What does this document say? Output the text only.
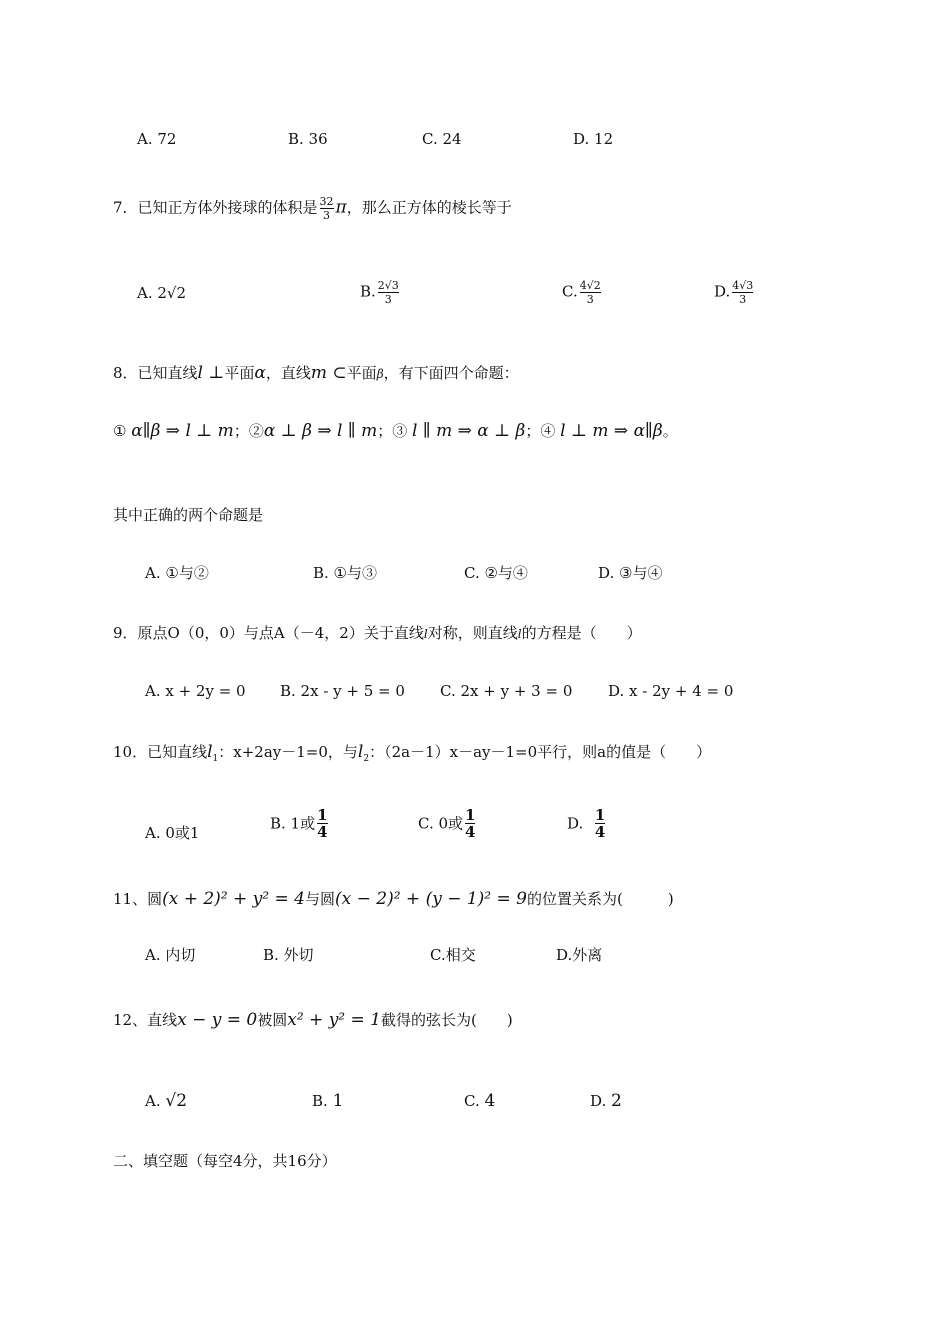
A. 72	B. 36	C. 24	D. 12
7．已知正方体外接球的体积是 $\frac{32}{3}$ π，那么正方体的棱长等于
A. 2√2	B. $\frac{2√3}{3}$	C. $\frac{4√2}{3}$	D. $\frac{4√3}{3}$
8．已知直线l ⊥平面α，直线m ⊂平面β，有下面四个命题：
① α∥β ⇒ l ⊥ m；②α ⊥ β ⇒ l ∥ m；③ l ∥ m ⇒ α ⊥ β；④ l ⊥ m ⇒ α∥β。
其中正确的两个命题是
A. ①与②	B. ①与③	C. ②与④	D. ③与④
9．原点O（0，0）与点A（－4，2）关于直线l对称，则直线l的方程是（　　）
A. x + 2y = 0 B. 2x - y + 5 = 0 C. 2x + y + 3 = 0 D. x - 2y + 4 = 0
10．已知直线$l_1$：x+2ay－1=0，与$l_2$：（2a－1）x－ay－1=0平行，则a的值是（　　）
A. 0或1
B. 1或 $\frac{1}{4}$	C. 0或 $\frac{1}{4}$	D. $\frac{1}{4}$
11、圆(x + 2)² + y² = 4与圆(x − 2)² + (y − 1)² = 9的位置关系为(　　　)
A. 内切	B. 外切	C.相交	D.外离
12、直线x − y = 0被圆x² + y² = 1截得的弦长为(　　)
A. √2	B. 1	C. 4	D. 2
二、填空题（每空4分，共16分）
